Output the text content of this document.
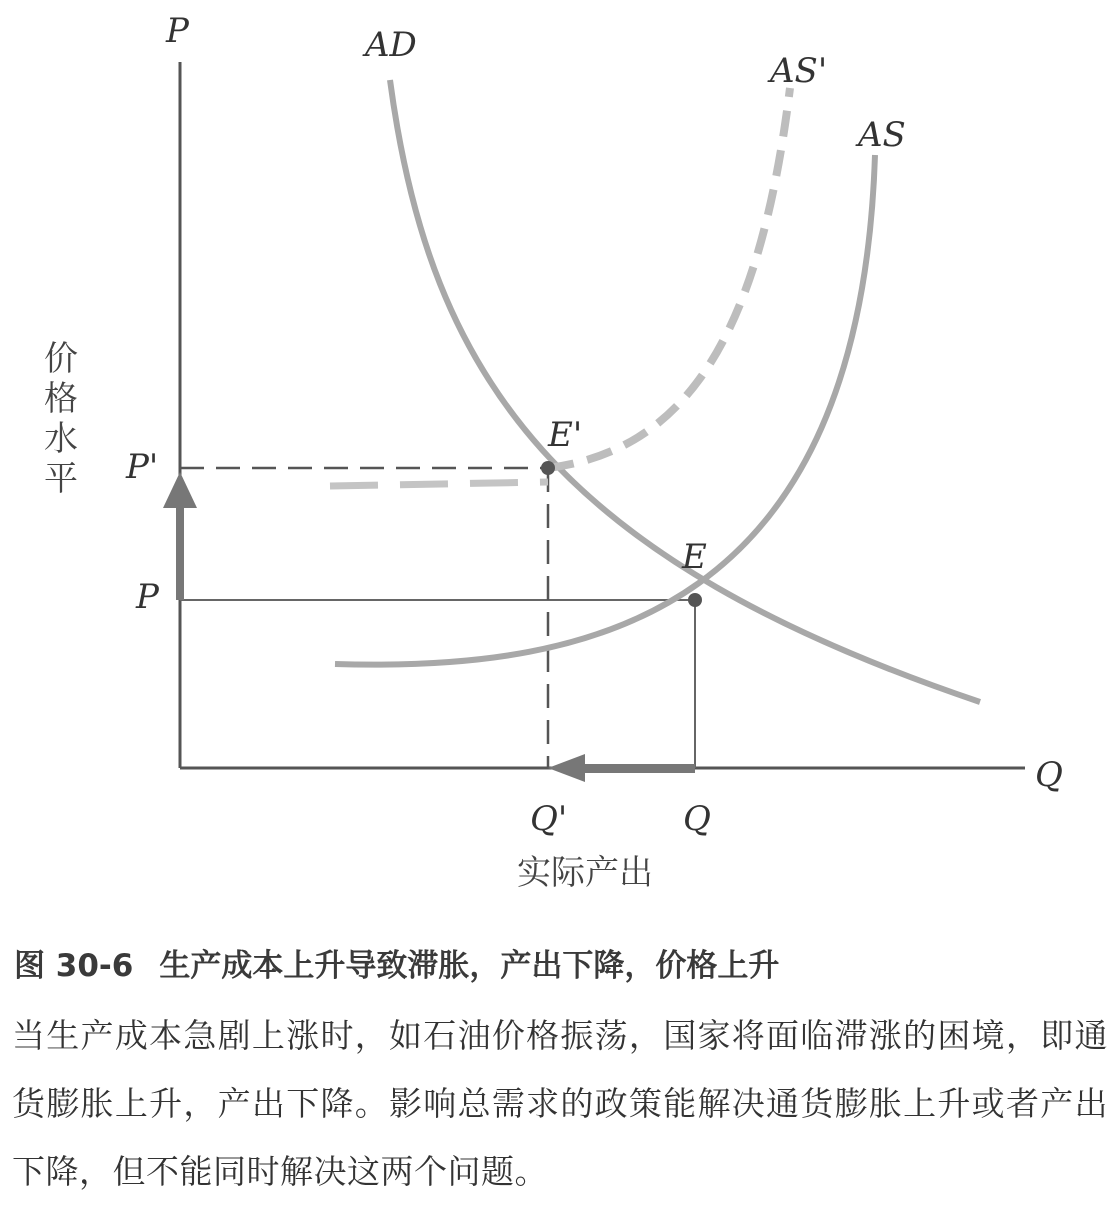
P
Q
价
格
水
平
AD
AS'
AS
E'
E
P'
P
Q'	Q
实际产出
图 30-6 生产成本上升导致滞胀，产出下降，价格上升
当生产成本急剧上涨时，如石油价格振荡，国家将面临滞涨的困境，即通货膨胀上升，产出下降。影响总需求的政策能解决通货膨胀上升或者产出下降，但不能同时解决这两个问题。
